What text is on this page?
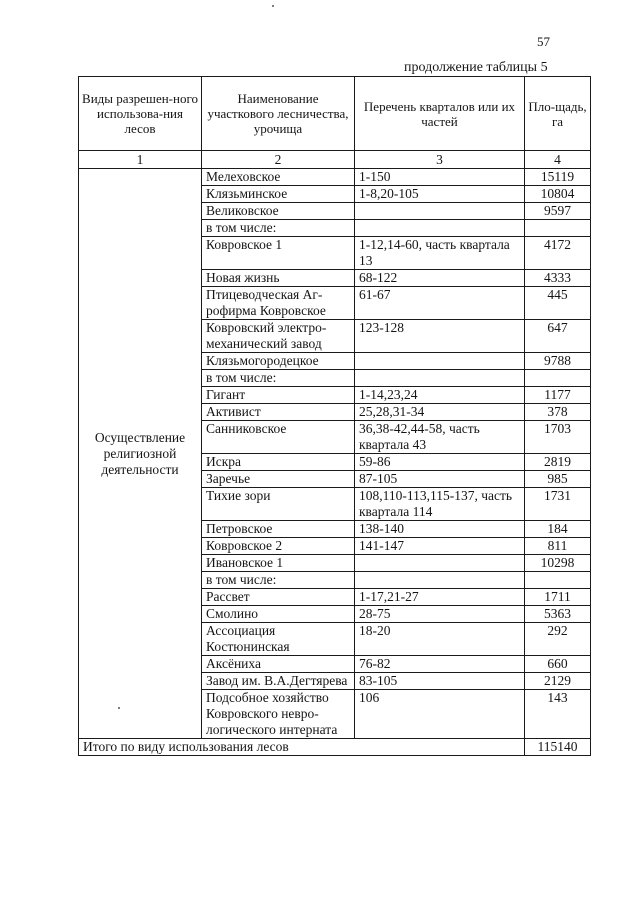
57
продолжение таблицы 5
Виды разрешен-ного использова-ния лесов	Наименование участкового лесничества, урочища	Перечень кварталов или их частей	Пло-щадь, га
1	2	3	4
Осуществление религиозной деятельности	Мелеховское	1-150	15119
	Клязьминское	1-8,20-105	10804
	Великовское		9597
	в том числе:		
	Ковровское 1	1-12,14-60, часть квартала 13	4172
	Новая жизнь	68-122	4333
	Птицеводческая Аг-рофирма Ковровское	61-67	445
	Ковровский электро-механический завод	123-128	647
	Клязьмогородецкое		9788
	в том числе:		
	Гигант	1-14,23,24	1177
	Активист	25,28,31-34	378
	Санниковское	36,38-42,44-58, часть квартала 43	1703
	Искра	59-86	2819
	Заречье	87-105	985
	Тихие зори	108,110-113,115-137, часть квартала 114	1731
	Петровское	138-140	184
	Ковровское 2	141-147	811
	Ивановское 1		10298
	в том числе:		
	Рассвет	1-17,21-27	1711
	Смолино	28-75	5363
	Ассоциация Костюнинская	18-20	292
	Аксёниха	76-82	660
	Завод им. В.А.Дегтярева	83-105	2129
	Подсобное хозяйство Ковровского невро-логического интерната	106	143
Итого по виду использования лесов			115140
